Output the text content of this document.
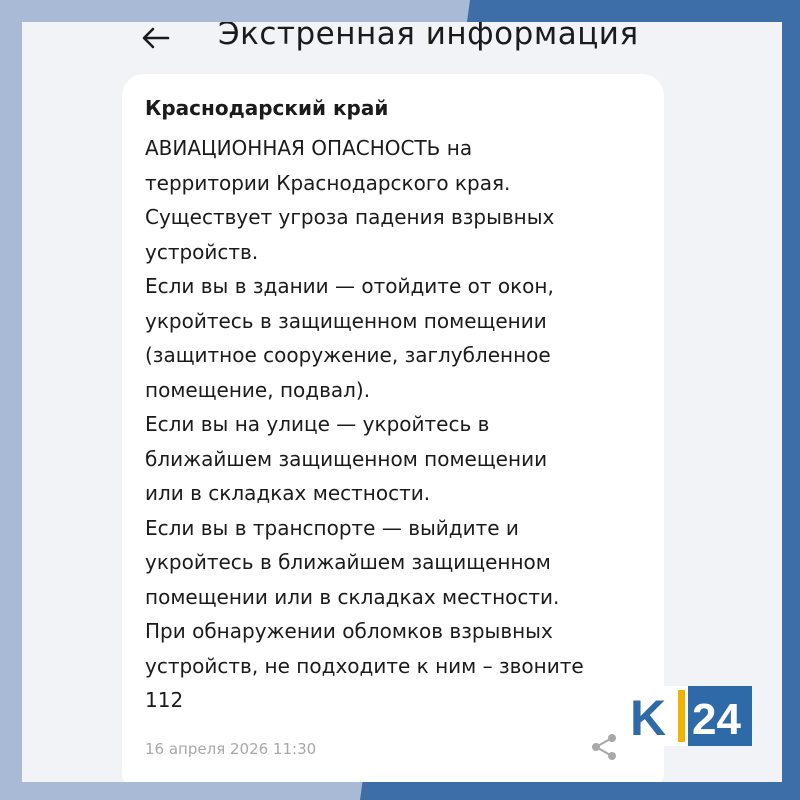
Экстренная информация
Краснодарский край
АВИАЦИОННАЯ ОПАСНОСТЬ на
территории Краснодарского края.
Существует угроза падения взрывных
устройств.
Если вы в здании — отойдите от окон,
укройтесь в защищенном помещении
(защитное сооружение, заглубленное
помещение, подвал).
Если вы на улице — укройтесь в
ближайшем защищенном помещении
или в складках местности.
Если вы в транспорте — выйдите и
укройтесь в ближайшем защищенном
помещении или в складках местности.
При обнаружении обломков взрывных
устройств, не подходите к ним – звоните
112
16 апреля 2026 11:30
K 24
